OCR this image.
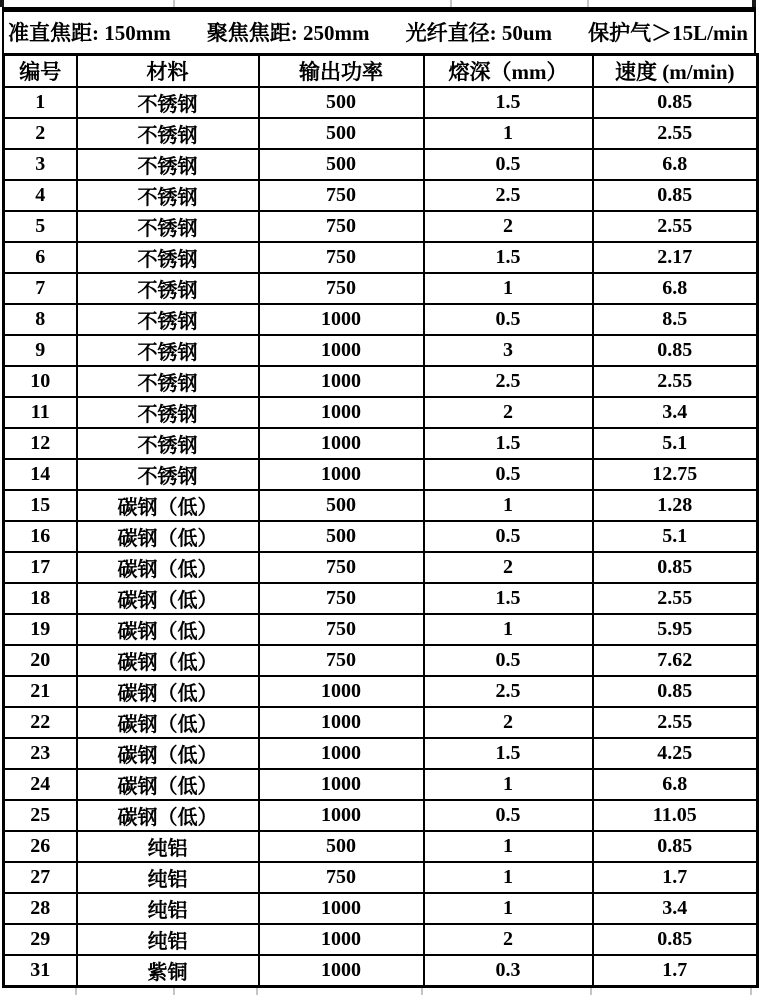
准直焦距: 150mm 聚焦焦距: 250mm 光纤直径: 50um 保护气＞15L/min
编号	材料	输出功率	熔深（mm）	速度 (m/min)
1	不锈钢	500	1.5	0.85
2	不锈钢	500	1	2.55
3	不锈钢	500	0.5	6.8
4	不锈钢	750	2.5	0.85
5	不锈钢	750	2	2.55
6	不锈钢	750	1.5	2.17
7	不锈钢	750	1	6.8
8	不锈钢	1000	0.5	8.5
9	不锈钢	1000	3	0.85
10	不锈钢	1000	2.5	2.55
11	不锈钢	1000	2	3.4
12	不锈钢	1000	1.5	5.1
14	不锈钢	1000	0.5	12.75
15	碳钢（低）	500	1	1.28
16	碳钢（低）	500	0.5	5.1
17	碳钢（低）	750	2	0.85
18	碳钢（低）	750	1.5	2.55
19	碳钢（低）	750	1	5.95
20	碳钢（低）	750	0.5	7.62
21	碳钢（低）	1000	2.5	0.85
22	碳钢（低）	1000	2	2.55
23	碳钢（低）	1000	1.5	4.25
24	碳钢（低）	1000	1	6.8
25	碳钢（低）	1000	0.5	11.05
26	纯铝	500	1	0.85
27	纯铝	750	1	1.7
28	纯铝	1000	1	3.4
29	纯铝	1000	2	0.85
31	紫铜	1000	0.3	1.7
